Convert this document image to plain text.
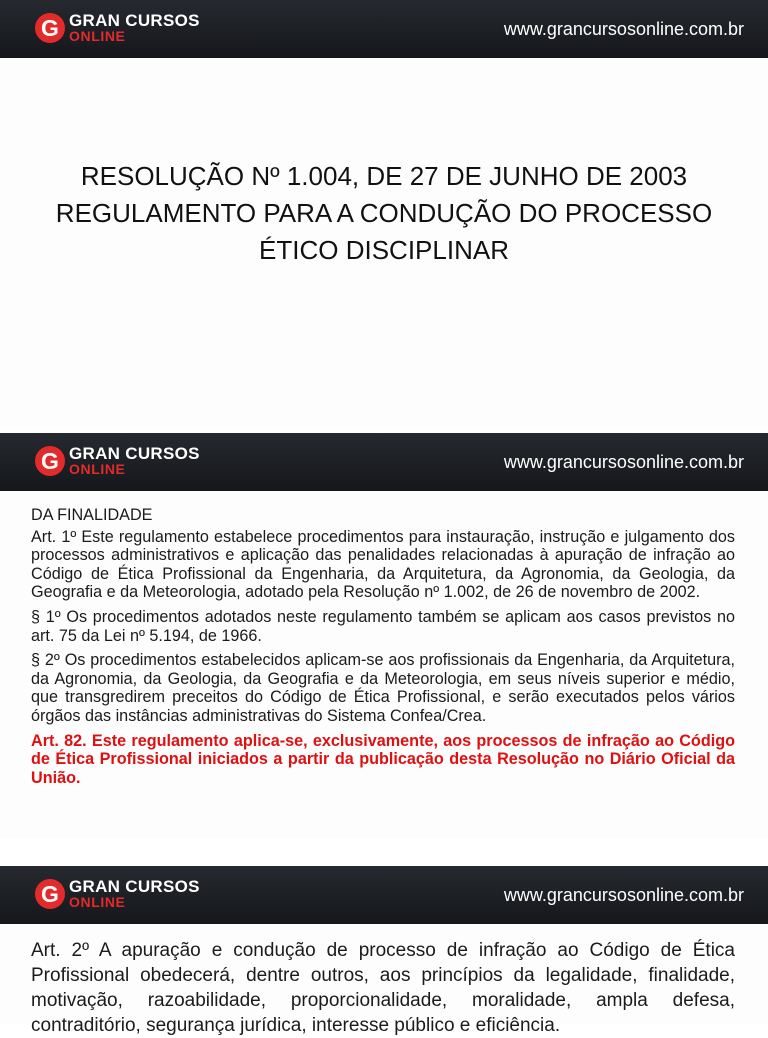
G GRAN CURSOS
ONLINE	www.grancursosonline.com.br
RESOLUÇÃO Nº 1.004, DE 27 DE JUNHO DE 2003
REGULAMENTO PARA A CONDUÇÃO DO PROCESSO
ÉTICO DISCIPLINAR
G GRAN CURSOS
ONLINE	www.grancursosonline.com.br

DA FINALIDADE

Art. 1º Este regulamento estabelece procedimentos para instauração, instrução e julgamento dos processos administrativos e aplicação das penalidades relacionadas à apuração de infração ao Código de Ética Profissional da Engenharia, da Arquitetura, da Agronomia, da Geologia, da Geografia e da Meteorologia, adotado pela Resolução nº 1.002, de 26 de novembro de 2002.

§ 1º Os procedimentos adotados neste regulamento também se aplicam aos casos previstos no art. 75 da Lei nº 5.194, de 1966.

§ 2º Os procedimentos estabelecidos aplicam-se aos profissionais da Engenharia, da Arquitetura, da Agronomia, da Geologia, da Geografia e da Meteorologia, em seus níveis superior e médio, que transgredirem preceitos do Código de Ética Profissional, e serão executados pelos vários órgãos das instâncias administrativas do Sistema Confea/Crea.

Art. 82. Este regulamento aplica-se, exclusivamente, aos processos de infração ao Código de Ética Profissional iniciados a partir da publicação desta Resolução no Diário Oficial da União.

G GRAN CURSOS
ONLINE	www.grancursosonline.com.br

Art. 2º A apuração e condução de processo de infração ao Código de Ética Profissional obedecerá, dentre outros, aos princípios da legalidade, finalidade, motivação, razoabilidade, proporcionalidade, moralidade, ampla defesa, contraditório, segurança jurídica, interesse público e eficiência.
